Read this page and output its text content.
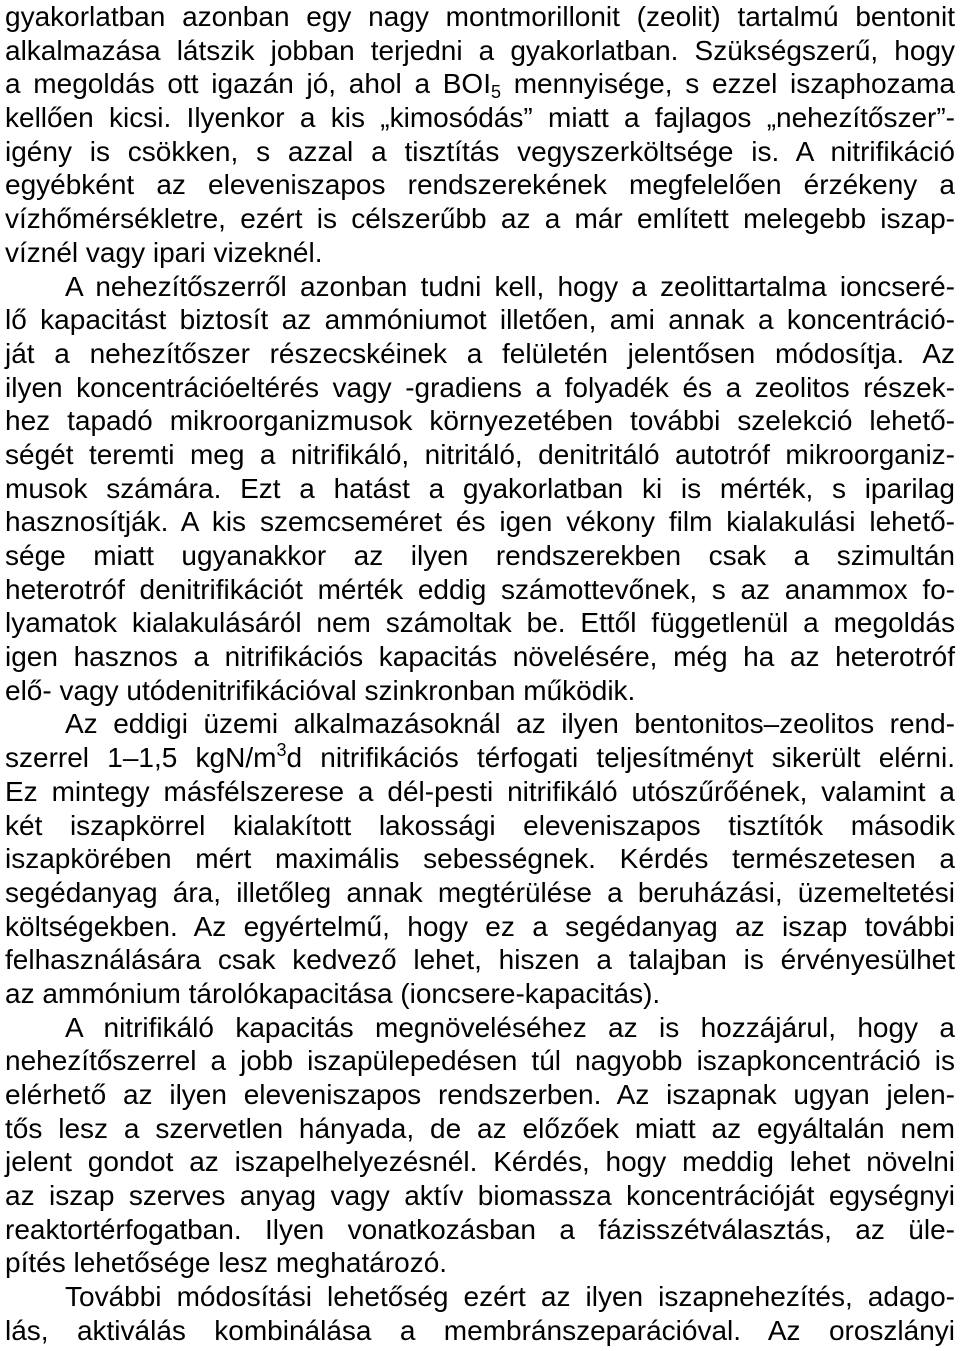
gyakorlatban azonban egy nagy montmorillonit (zeolit) tartalmú bentonit
alkalmazása látszik jobban terjedni a gyakorlatban. Szükségszerű, hogy
a megoldás ott igazán jó, ahol a BOI5 mennyisége, s ezzel iszaphozama
kellően kicsi. Ilyenkor a kis „kimosódás” miatt a fajlagos „nehezítőszer”-
igény is csökken, s azzal a tisztítás vegyszerköltsége is. A nitrifikáció
egyébként az eleveniszapos rendszerekének megfelelően érzékeny a
vízhőmérsékletre, ezért is célszerűbb az a már említett melegebb iszap-
víznél vagy ipari vizeknél.
A nehezítőszerről azonban tudni kell, hogy a zeolittartalma ioncseré-
lő kapacitást biztosít az ammóniumot illetően, ami annak a koncentráció-
ját a nehezítőszer részecskéinek a felületén jelentősen módosítja. Az
ilyen koncentrációeltérés vagy -gradiens a folyadék és a zeolitos részek-
hez tapadó mikroorganizmusok környezetében további szelekció lehető-
ségét teremti meg a nitrifikáló, nitritáló, denitritáló autotróf mikroorganiz-
musok számára. Ezt a hatást a gyakorlatban ki is mérték, s iparilag
hasznosítják. A kis szemcseméret és igen vékony film kialakulási lehető-
sége miatt ugyanakkor az ilyen rendszerekben csak a szimultán
heterotróf denitrifikációt mérték eddig számottevőnek, s az anammox fo-
lyamatok kialakulásáról nem számoltak be. Ettől függetlenül a megoldás
igen hasznos a nitrifikációs kapacitás növelésére, még ha az heterotróf
elő- vagy utódenitrifikációval szinkronban működik.
Az eddigi üzemi alkalmazásoknál az ilyen bentonitos–zeolitos rend-
szerrel 1–1,5 kgN/$m^3d$ nitrifikációs térfogati teljesítményt sikerült elérni.
Ez mintegy másfélszerese a dél-pesti nitrifikáló utószűrőének, valamint a
két iszapkörrel kialakított lakossági eleveniszapos tisztítók második
iszapkörében mért maximális sebességnek. Kérdés természetesen a
segédanyag ára, illetőleg annak megtérülése a beruházási, üzemeltetési
költségekben. Az egyértelmű, hogy ez a segédanyag az iszap további
felhasználására csak kedvező lehet, hiszen a talajban is érvényesülhet
az ammónium tárolókapacitása (ioncsere-kapacitás).
A nitrifikáló kapacitás megnöveléséhez az is hozzájárul, hogy a
nehezítőszerrel a jobb iszapülepedésen túl nagyobb iszapkoncentráció is
elérhető az ilyen eleveniszapos rendszerben. Az iszapnak ugyan jelen-
tős lesz a szervetlen hányada, de az előzőek miatt az egyáltalán nem
jelent gondot az iszapelhelyezésnél. Kérdés, hogy meddig lehet növelni
az iszap szerves anyag vagy aktív biomassza koncentrációját egységnyi
reaktortérfogatban. Ilyen vonatkozásban a fázisszétválasztás, az üle-
pítés lehetősége lesz meghatározó.
További módosítási lehetőség ezért az ilyen iszapnehezítés, adago-
lás, aktiválás kombinálása a membránszeparációval. Az oroszlányi
